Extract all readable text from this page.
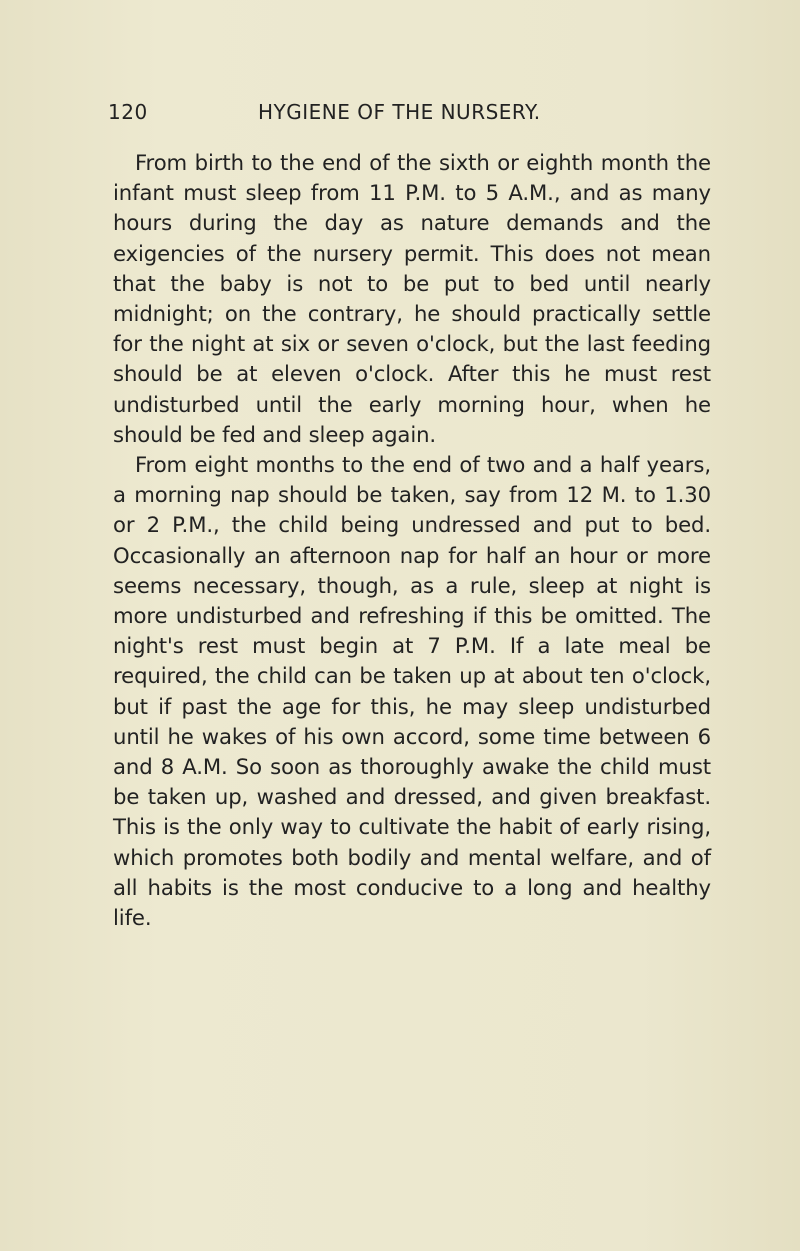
120	HYGIENE OF THE NURSERY.

From birth to the end of the sixth or eighth month the infant must sleep from 11 P.M. to 5 A.M., and as many hours during the day as nature demands and the exigencies of the nursery permit. This does not mean that the baby is not to be put to bed until nearly midnight; on the contrary, he should practically settle for the night at six or seven o'clock, but the last feeding should be at eleven o'clock. After this he must rest undisturbed until the early morning hour, when he should be fed and sleep again.

From eight months to the end of two and a half years, a morning nap should be taken, say from 12 M. to 1.30 or 2 P.M., the child being undressed and put to bed. Occasionally an afternoon nap for half an hour or more seems necessary, though, as a rule, sleep at night is more undisturbed and refreshing if this be omitted. The night's rest must begin at 7 P.M. If a late meal be required, the child can be taken up at about ten o'clock, but if past the age for this, he may sleep undisturbed until he wakes of his own accord, some time between 6 and 8 A.M. So soon as thoroughly awake the child must be taken up, washed and dressed, and given breakfast. This is the only way to cultivate the habit of early rising, which promotes both bodily and mental welfare, and of all habits is the most conducive to a long and healthy life.
